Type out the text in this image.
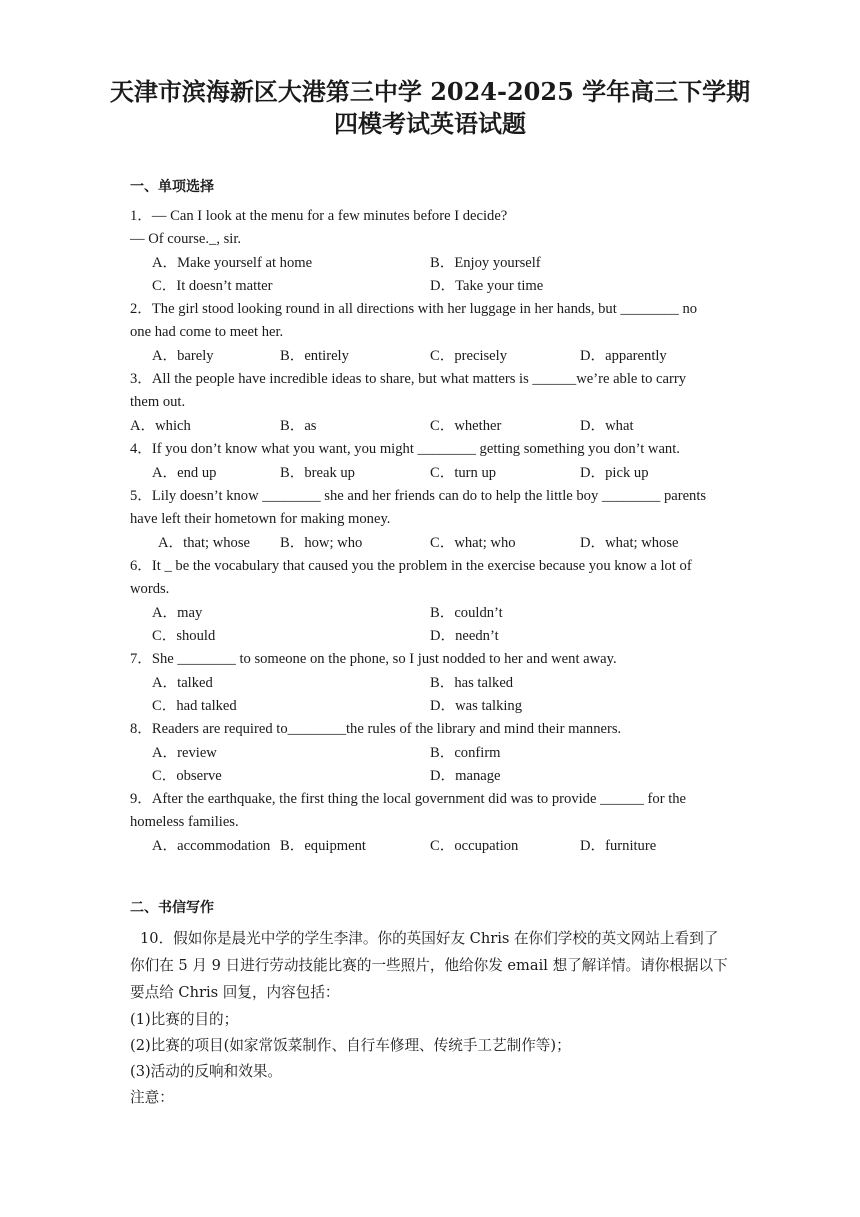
天津市滨海新区大港第三中学 2024-2025 学年高三下学期
四模考试英语试题
一、单项选择
1．— Can I look at the menu for a few minutes before I decide?
— Of course._, sir.
A．Make yourself at home	B．Enjoy yourself
C．It doesn’t matter	D．Take your time
2．The girl stood looking round in all directions with her luggage in her hands, but ________ no
one had come to meet her.
A．barely	B．entirely	C．precisely	D．apparently
3．All the people have incredible ideas to share, but what matters is ______we’re able to carry
them out.
A．which	B．as	C．whether	D．what
4．If you don’t know what you want, you might ________ getting something you don’t want.
A．end up	B．break up	C．turn up	D．pick up
5．Lily doesn’t know ________ she and her friends can do to help the little boy ________ parents
have left their hometown for making money.
A．that; whose B．how; who	C．what; who	D．what; whose
6．It _ be the vocabulary that caused you the problem in the exercise because you know a lot of
words.
A．may	B．couldn’t
C．should	D．needn’t
7．She ________ to someone on the phone, so I just nodded to her and went away.
A．talked	B．has talked
C．had talked	D．was talking
8．Readers are required to________the rules of the library and mind their manners.
A．review	B．confirm
C．observe	D．manage
9．After the earthquake, the first thing the local government did was to provide ______ for the
homeless families.
A．accommodation B．equipment	C．occupation	D．furniture
二、书信写作
10．假如你是晨光中学的学生李津。你的英国好友 Chris 在你们学校的英文网站上看到了
你们在 5 月 9 日进行劳动技能比赛的一些照片，他给你发 email 想了解详情。请你根据以下
要点给 Chris 回复，内容包括：
(1)比赛的目的；
(2)比赛的项目(如家常饭菜制作、自行车修理、传统手工艺制作等)；
(3)活动的反响和效果。
注意：
